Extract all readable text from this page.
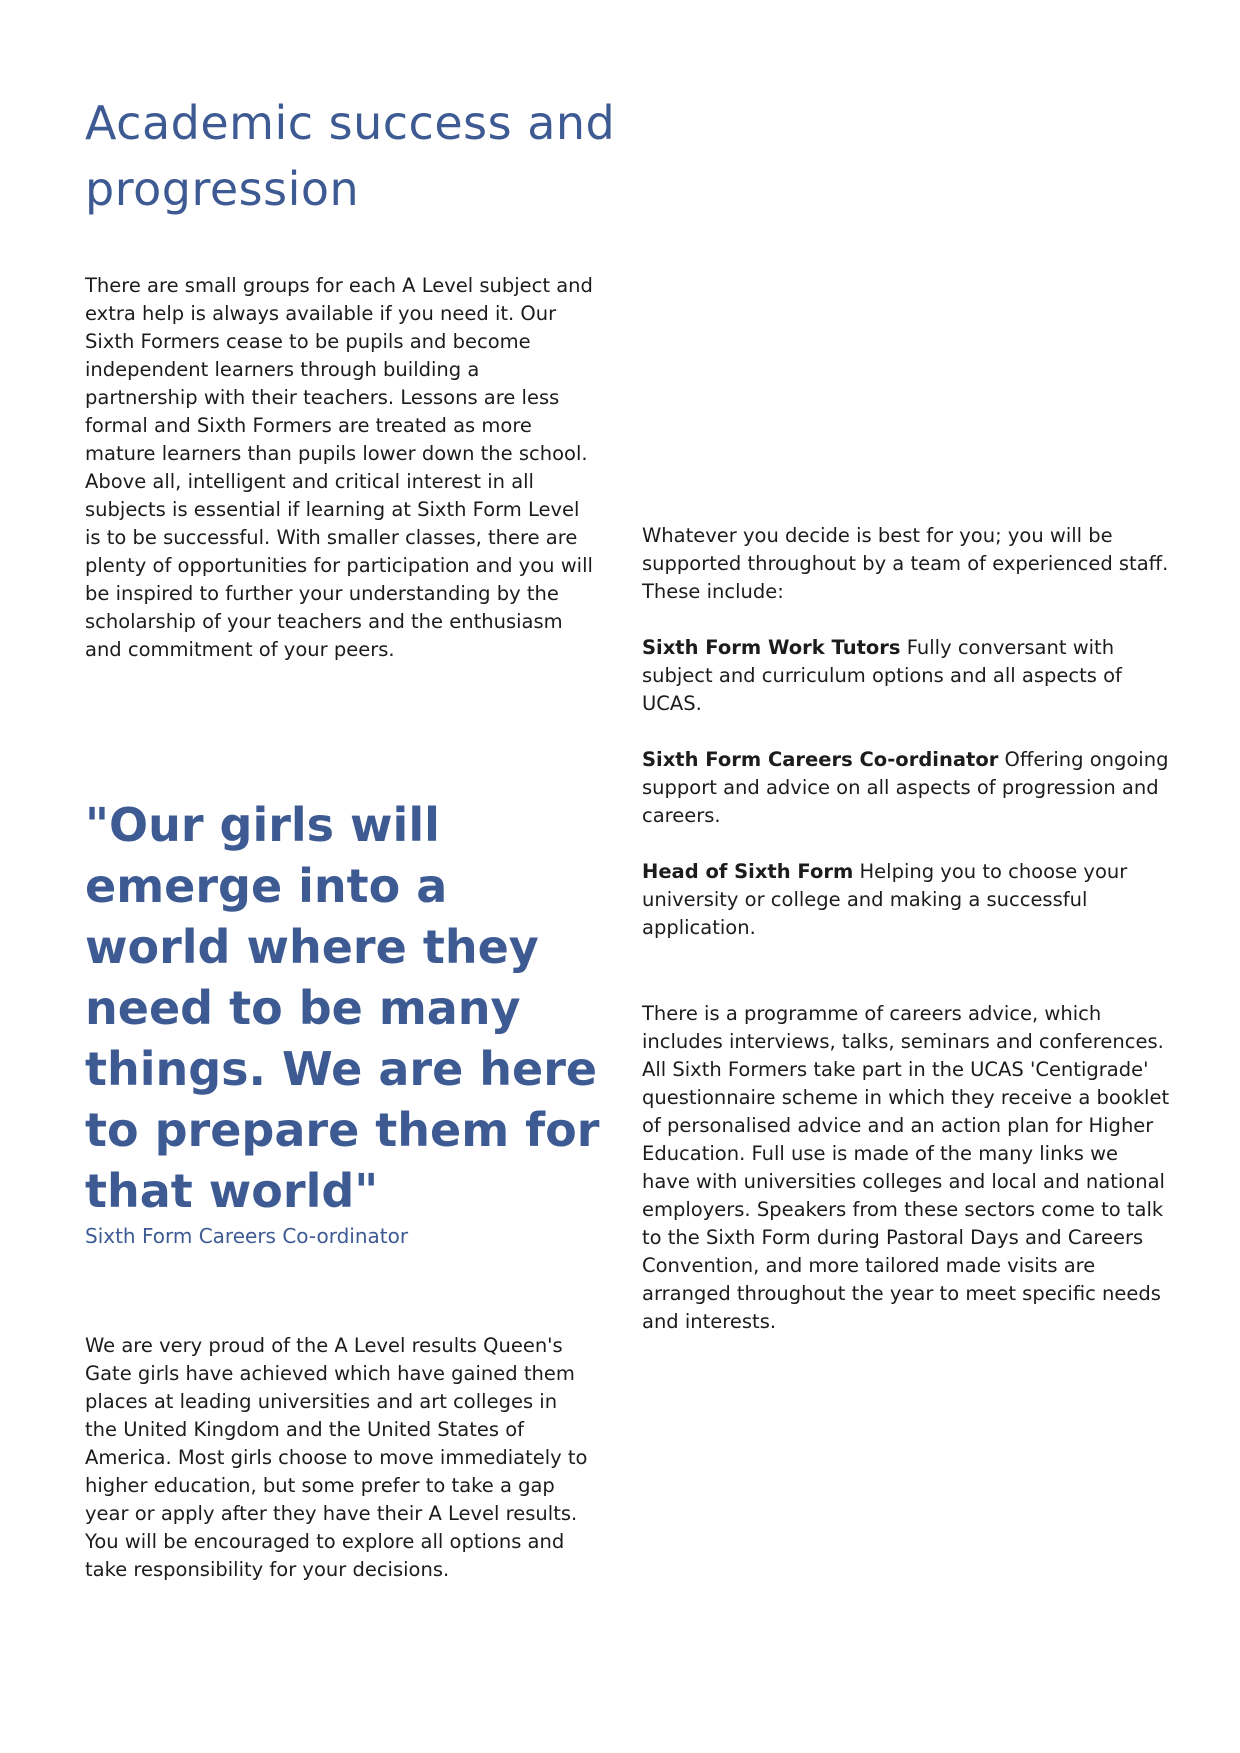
Academic success and progression

There are small groups for each A Level subject and extra help is always available if you need it. Our Sixth Formers cease to be pupils and become independent learners through building a partnership with their teachers. Lessons are less formal and Sixth Formers are treated as more mature learners than pupils lower down the school. Above all, intelligent and critical interest in all subjects is essential if learning at Sixth Form Level is to be successful. With smaller classes, there are plenty of opportunities for participation and you will be inspired to further your understanding by the scholarship of your teachers and the enthusiasm and commitment of your peers.

"Our girls will emerge into a world where they need to be many things. We are here to prepare them for that world"

Sixth Form Careers Co-ordinator

We are very proud of the A Level results Queen's Gate girls have achieved which have gained them places at leading universities and art colleges in the United Kingdom and the United States of America. Most girls choose to move immediately to higher education, but some prefer to take a gap year or apply after they have their A Level results. You will be encouraged to explore all options and take responsibility for your decisions.

Whatever you decide is best for you; you will be supported throughout by a team of experienced staff. These include:

Sixth Form Work Tutors Fully conversant with subject and curriculum options and all aspects of UCAS.

Sixth Form Careers Co-ordinator Offering ongoing support and advice on all aspects of progression and careers.

Head of Sixth Form Helping you to choose your university or college and making a successful application.

There is a programme of careers advice, which includes interviews, talks, seminars and conferences. All Sixth Formers take part in the UCAS 'Centigrade' questionnaire scheme in which they receive a booklet of personalised advice and an action plan for Higher Education. Full use is made of the many links we have with universities colleges and local and national employers. Speakers from these sectors come to talk to the Sixth Form during Pastoral Days and Careers Convention, and more tailored made visits are arranged throughout the year to meet specific needs and interests.
